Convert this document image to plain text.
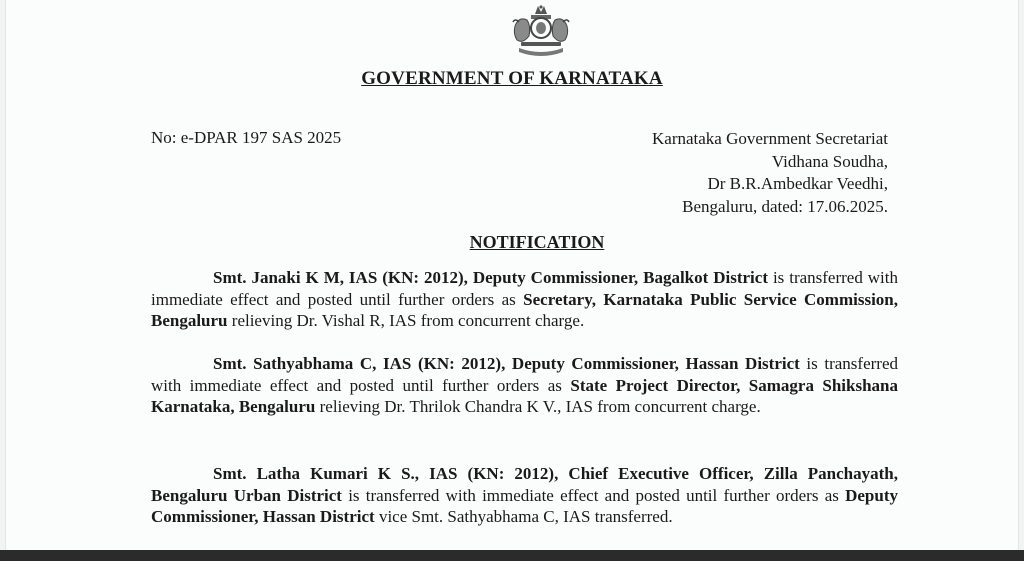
GOVERNMENT OF KARNATAKA
No: e-DPAR 197 SAS 2025	Karnataka Government Secretariat
Vidhana Soudha,
Dr B.R.Ambedkar Veedhi,
Bengaluru, dated: 17.06.2025.
NOTIFICATION
Smt. Janaki K M, IAS (KN: 2012), Deputy Commissioner, Bagalkot District is transferred with immediate effect and posted until further orders as Secretary, Karnataka Public Service Commission, Bengaluru relieving Dr. Vishal R, IAS from concurrent charge.
Smt. Sathyabhama C, IAS (KN: 2012), Deputy Commissioner, Hassan District is transferred with immediate effect and posted until further orders as State Project Director, Samagra Shikshana Karnataka, Bengaluru relieving Dr. Thrilok Chandra K V., IAS from concurrent charge.
Smt. Latha Kumari K S., IAS (KN: 2012), Chief Executive Officer, Zilla Panchayath, Bengaluru Urban District is transferred with immediate effect and posted until further orders as Deputy Commissioner, Hassan District vice Smt. Sathyabhama C, IAS transferred.
